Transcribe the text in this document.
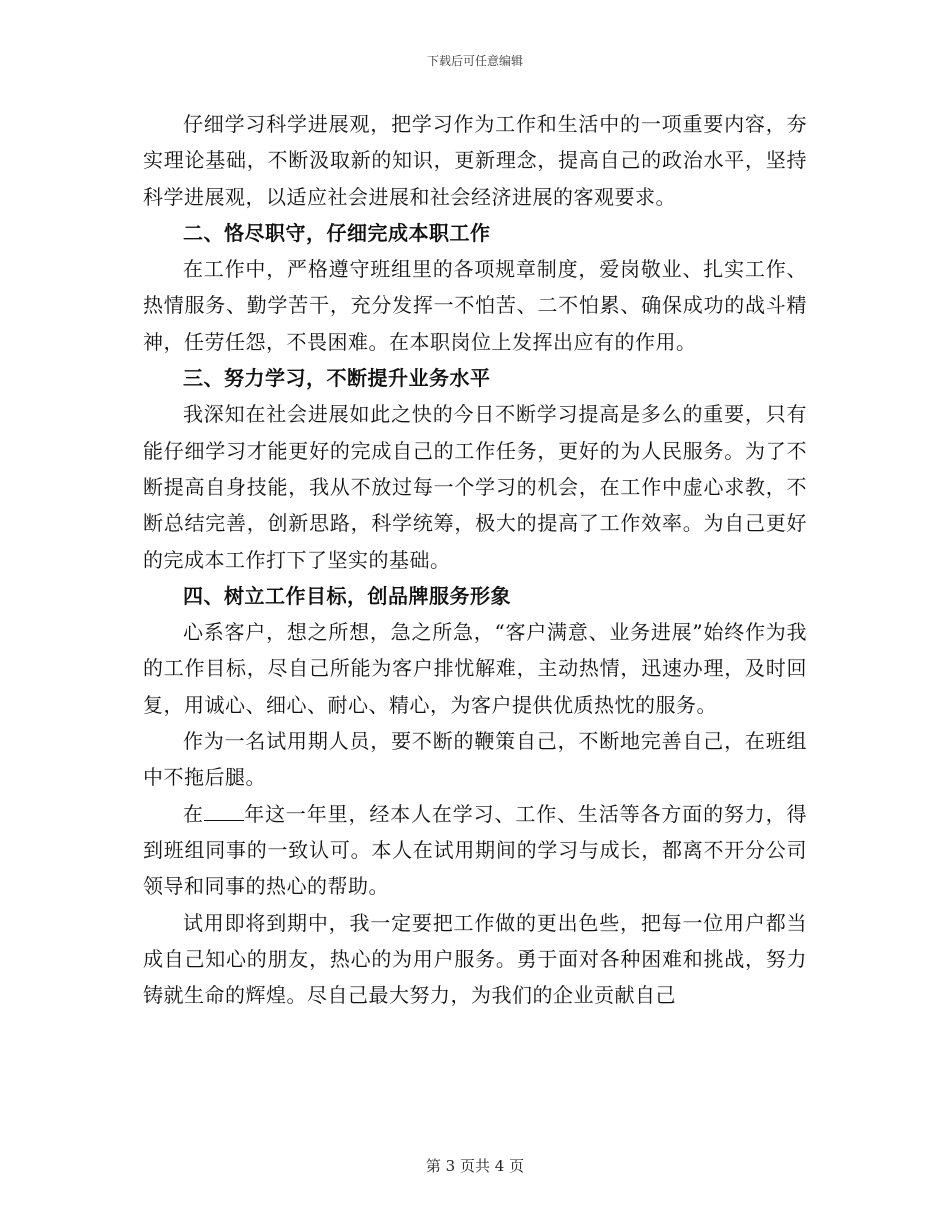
下载后可任意编辑

仔细学习科学进展观，把学习作为工作和生活中的一项重要内容，夯实理论基础，不断汲取新的知识，更新理念，提高自己的政治水平，坚持科学进展观，以适应社会进展和社会经济进展的客观要求。

二、恪尽职守，仔细完成本职工作

在工作中，严格遵守班组里的各项规章制度，爱岗敬业、扎实工作、热情服务、勤学苦干，充分发挥一不怕苦、二不怕累、确保成功的战斗精神，任劳任怨，不畏困难。在本职岗位上发挥出应有的作用。

三、努力学习，不断提升业务水平

我深知在社会进展如此之快的今日不断学习提高是多么的重要，只有能仔细学习才能更好的完成自己的工作任务，更好的为人民服务。为了不断提高自身技能，我从不放过每一个学习的机会，在工作中虚心求教，不断总结完善，创新思路，科学统筹，极大的提高了工作效率。为自己更好的完成本工作打下了坚实的基础。

四、树立工作目标，创品牌服务形象

心系客户，想之所想，急之所急，“客户满意、业务进展”始终作为我的工作目标，尽自己所能为客户排忧解难，主动热情，迅速办理，及时回复，用诚心、细心、耐心、精心，为客户提供优质热忱的服务。

作为一名试用期人员，要不断的鞭策自己，不断地完善自己，在班组中不拖后腿。

在 年这一年里，经本人在学习、工作、生活等各方面的努力，得到班组同事的一致认可。本人在试用期间的学习与成长，都离不开分公司领导和同事的热心的帮助。

试用即将到期中，我一定要把工作做的更出色些，把每一位用户都当成自己知心的朋友，热心的为用户服务。勇于面对各种困难和挑战，努力铸就生命的辉煌。尽自己最大努力，为我们的企业贡献自己

第 3 页共 4 页
